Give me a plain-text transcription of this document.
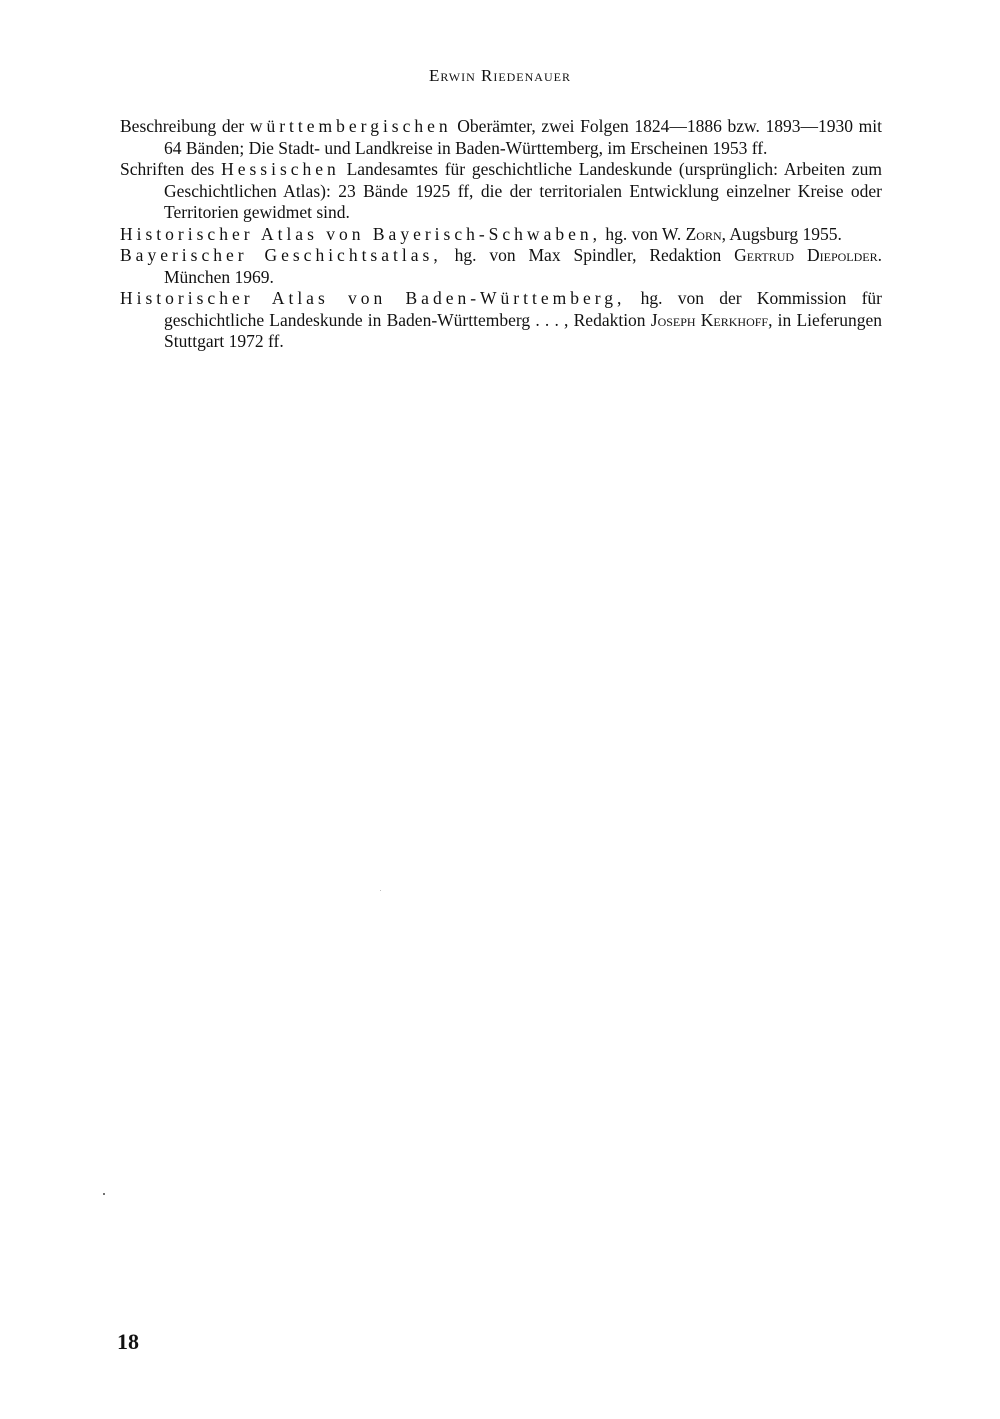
Erwin Riedenauer

Beschreibung der württembergischen Oberämter, zwei Folgen 1824—1886 bzw. 1893—1930 mit 64 Bänden; Die Stadt- und Landkreise in Baden-Württemberg, im Erscheinen 1953 ff.

Schriften des Hessischen Landesamtes für geschichtliche Landeskunde (ursprünglich: Arbeiten zum Geschichtlichen Atlas): 23 Bände 1925 ff, die der territorialen Entwicklung einzelner Kreise oder Territorien gewidmet sind.

Historischer Atlas von Bayerisch-Schwaben, hg. von W. Zorn, Augsburg 1955.

Bayerischer Geschichtsatlas, hg. von Max Spindler, Redaktion Gertrud Diepolder. München 1969.

Historischer Atlas von Baden-Württemberg, hg. von der Kommission für geschichtliche Landeskunde in Baden-Württemberg . . . , Redaktion Joseph Kerkhoff, in Lieferungen Stuttgart 1972 ff.

18
